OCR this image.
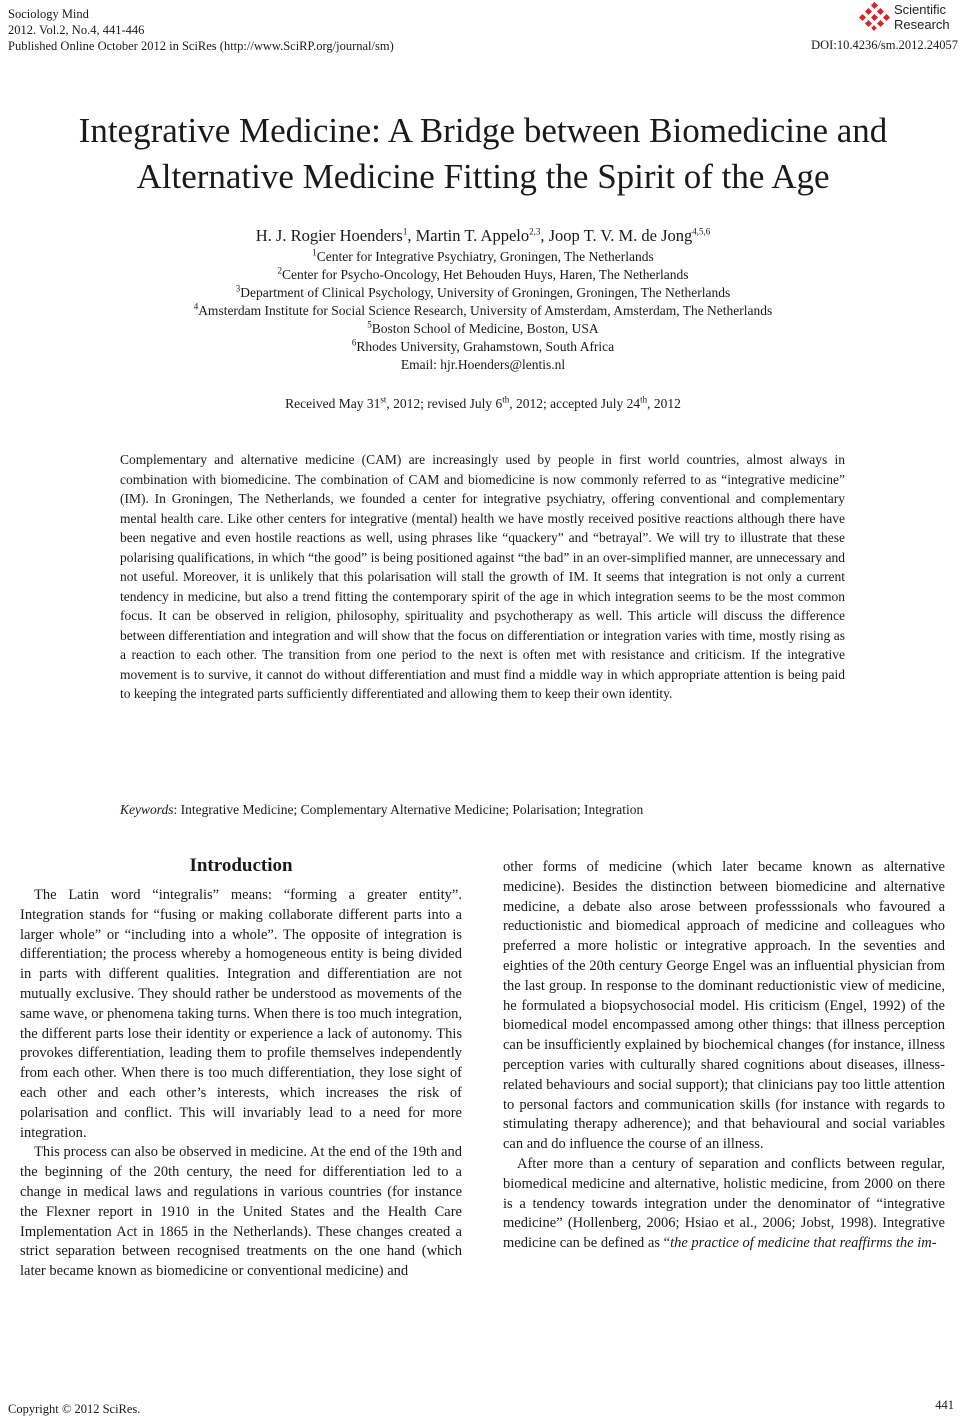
Sociology Mind
2012. Vol.2, No.4, 441-446
Published Online October 2012 in SciRes (http://www.SciRP.org/journal/sm)
Scientific
Research
DOI:10.4236/sm.2012.24057
Integrative Medicine: A Bridge between Biomedicine and
Alternative Medicine Fitting the Spirit of the Age
H. J. Rogier Hoenders$^1$, Martin T. Appelo$^{2,3}$, Joop T. V. M. de Jong$^{4,5,6}$
$^1$Center for Integrative Psychiatry, Groningen, The Netherlands
$^2$Center for Psycho-Oncology, Het Behouden Huys, Haren, The Netherlands
$^3$Department of Clinical Psychology, University of Groningen, Groningen, The Netherlands
$^4$Amsterdam Institute for Social Science Research, University of Amsterdam, Amsterdam, The Netherlands
$^5$Boston School of Medicine, Boston, USA
$^6$Rhodes University, Grahamstown, South Africa
Email: hjr.Hoenders@lentis.nl
Received May 31st, 2012; revised July 6th, 2012; accepted July 24th, 2012
Complementary and alternative medicine (CAM) are increasingly used by people in first world countries, almost always in combination with biomedicine. The combination of CAM and biomedicine is now commonly referred to as “integrative medicine” (IM). In Groningen, The Netherlands, we founded a center for integrative psychiatry, offering conventional and complementary mental health care. Like other centers for integrative (mental) health we have mostly received positive reactions although there have been negative and even hostile reactions as well, using phrases like “quackery” and “betrayal”. We will try to illustrate that these polarising qualifications, in which “the good” is being positioned against “the bad” in an over-simplified manner, are unnecessary and not useful. Moreover, it is unlikely that this polarisation will stall the growth of IM. It seems that integration is not only a current tendency in medicine, but also a trend fitting the contemporary spirit of the age in which integration seems to be the most common focus. It can be observed in religion, philosophy, spirituality and psychotherapy as well. This article will discuss the difference between differentiation and integration and will show that the focus on differentiation or integration varies with time, mostly rising as a reaction to each other. The transition from one period to the next is often met with resistance and criticism. If the integrative movement is to survive, it cannot do without differentiation and must find a middle way in which appropriate attention is being paid to keeping the integrated parts sufficiently differentiated and allowing them to keep their own identity.
Keywords: Integrative Medicine; Complementary Alternative Medicine; Polarisation; Integration
Introduction

The Latin word “integralis” means: “forming a greater entity”. Integration stands for “fusing or making collaborate different parts into a larger whole” or “including into a whole”. The opposite of integration is differentiation; the process whereby a homogeneous entity is being divided in parts with different qualities. Integration and differentiation are not mutually exclusive. They should rather be understood as movements of the same wave, or phenomena taking turns. When there is too much integration, the different parts lose their identity or experience a lack of autonomy. This provokes differentiation, leading them to profile themselves independently from each other. When there is too much differentiation, they lose sight of each other and each other’s interests, which increases the risk of polarisation and conflict. This will invariably lead to a need for more integration.

This process can also be observed in medicine. At the end of the 19th and the beginning of the 20th century, the need for differentiation led to a change in medical laws and regulations in various countries (for instance the Flexner report in 1910 in the United States and the Health Care Implementation Act in 1865 in the Netherlands). These changes created a strict separation between recognised treatments on the one hand (which later became known as biomedicine or conventional medicine) and

other forms of medicine (which later became known as alternative medicine). Besides the distinction between biomedicine and alternative medicine, a debate also arose between professsionals who favoured a reductionistic and biomedical approach of medicine and colleagues who preferred a more holistic or integrative approach. In the seventies and eighties of the 20th century George Engel was an influential physician from the last group. In response to the dominant reductionistic view of medicine, he formulated a biopsychosocial model. His criticism (Engel, 1992) of the biomedical model encompassed among other things: that illness perception can be insufficiently explained by biochemical changes (for instance, illness perception varies with culturally shared cognitions about diseases, illness-related behaviours and social support); that clinicians pay too little attention to personal factors and communication skills (for instance with regards to stimulating therapy adherence); and that behavioural and social variables can and do influence the course of an illness.

After more than a century of separation and conflicts between regular, biomedical medicine and alternative, holistic medicine, from 2000 on there is a tendency towards integration under the denominator of “integrative medicine” (Hollenberg, 2006; Hsiao et al., 2006; Jobst, 1998). Integrative medicine can be defined as “the practice of medicine that reaffirms the im-

Copyright © 2012 SciRes.	441
